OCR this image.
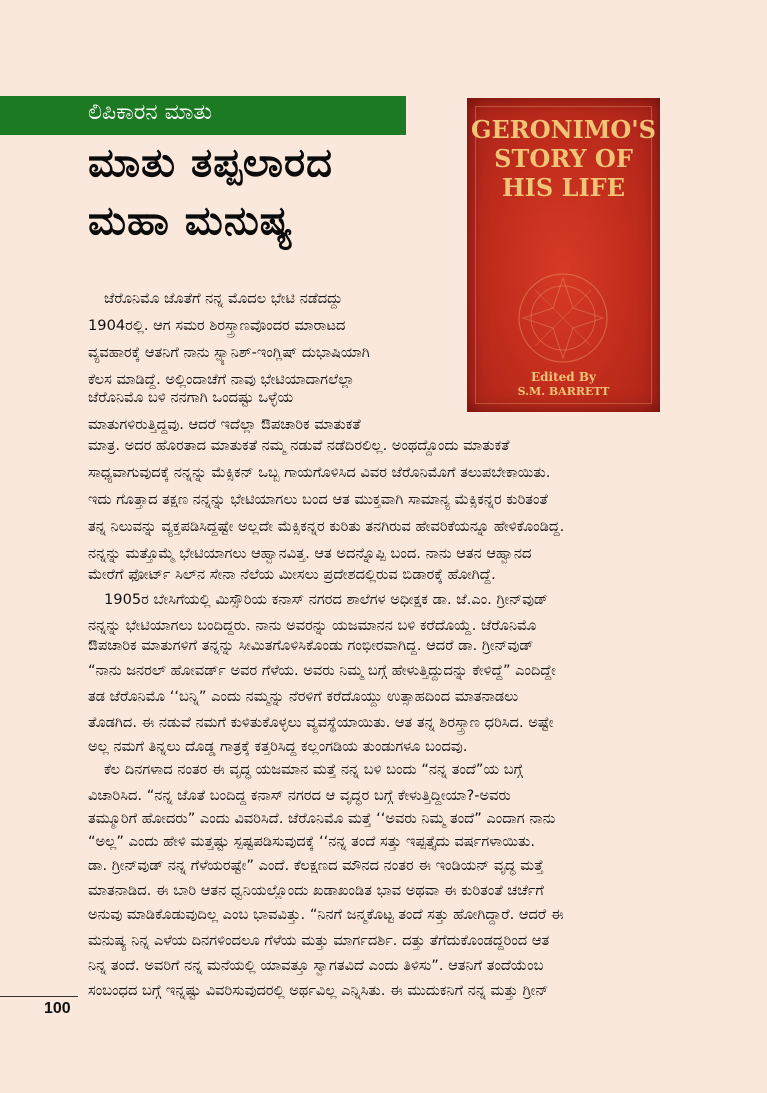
ಲಿಪಿಕಾರನ ಮಾತು
ಮಾತು ತಪ್ಪಲಾರದ
ಮಹಾ ಮನುಷ್ಯ
GERONIMO'S
STORY OF
HIS LIFE
Edited By
S.M. BARRETT
ಜೆರೊನಿಮೊ ಜೊತೆಗೆ ನನ್ನ ಮೊದಲ ಭೇಟಿ ನಡೆದದ್ದು
1904ರಲ್ಲಿ. ಆಗ ಸಮರ ಶಿರಸ್ತ್ರಾಣವೊಂದರ ಮಾರಾಟದ
ವ್ಯವಹಾರಕ್ಕೆ ಆತನಿಗೆ ನಾನು ಸ್ಪ್ಯಾನಿಶ್-ಇಂಗ್ಲಿಷ್ ದುಭಾಷಿಯಾಗಿ
ಕೆಲಸ ಮಾಡಿದ್ದೆ. ಅಲ್ಲಿಂದಾಚೆಗೆ ನಾವು ಭೇಟಿಯಾದಾಗಲೆಲ್ಲಾ
ಜೆರೊನಿಮೊ ಬಳಿ ನನಗಾಗಿ ಒಂದಷ್ಟು ಒಳ್ಳೆಯ
ಮಾತುಗಳಿರುತ್ತಿದ್ದವು. ಆದರೆ ಇದೆಲ್ಲಾ ಔಪಚಾರಿಕ ಮಾತುಕತೆ
ಮಾತ್ರ. ಅದರ ಹೊರತಾದ ಮಾತುಕತೆ ನಮ್ಮ ನಡುವೆ ನಡೆದಿರಲಿಲ್ಲ. ಅಂಥದ್ದೊಂದು ಮಾತುಕತೆ
ಸಾಧ್ಯವಾಗುವುದಕ್ಕೆ ನನ್ನನ್ನು ಮೆಕ್ಸಿಕನ್ ಒಬ್ಬ ಗಾಯಗೊಳಿಸಿದ ವಿವರ ಜೆರೊನಿಮೊಗೆ ತಲುಪಬೇಕಾಯಿತು.
ಇದು ಗೊತ್ತಾದ ತಕ್ಷಣ ನನ್ನನ್ನು ಭೇಟಿಯಾಗಲು ಬಂದ ಆತ ಮುಕ್ತವಾಗಿ ಸಾಮಾನ್ಯ ಮೆಕ್ಸಿಕನ್ನರ ಕುರಿತಂತೆ
ತನ್ನ ನಿಲುವನ್ನು ವ್ಯಕ್ತಪಡಿಸಿದ್ದಷ್ಟೇ ಅಲ್ಲದೇ ಮೆಕ್ಸಿಕನ್ನರ ಕುರಿತು ತನಗಿರುವ ಹೇವರಿಕೆಯನ್ನೂ ಹೇಳಿಕೊಂಡಿದ್ದ.
ನನ್ನನ್ನು ಮತ್ತೊಮ್ಮೆ ಭೇಟಿಯಾಗಲು ಆಹ್ವಾನವಿತ್ತ. ಆತ ಅದನ್ನೊಪ್ಪಿ ಬಂದ. ನಾನು ಆತನ ಆಹ್ವಾನದ
ಮೇರೆಗೆ ಫೋರ್ಟ್ ಸಿಲ್‌ನ ಸೇನಾ ನೆಲೆಯ ಮೀಸಲು ಪ್ರದೇಶದಲ್ಲಿರುವ ಬಿಡಾರಕ್ಕೆ ಹೋಗಿದ್ದೆ.
1905ರ ಬೇಸಿಗೆಯಲ್ಲಿ ಮಿಸ್ಸೌರಿಯ ಕನಾಸ್ ನಗರದ ಶಾಲೆಗಳ ಅಧೀಕ್ಷಕ ಡಾ. ಜೆ.ಎಂ. ಗ್ರೀನ್‌ವುಡ್
ನನ್ನನ್ನು ಭೇಟಿಯಾಗಲು ಬಂದಿದ್ದರು. ನಾನು ಅವರನ್ನು ಯಜಮಾನನ ಬಳಿ ಕರೆದೊಯ್ದೆ. ಜೆರೊನಿಮೊ
ಔಪಚಾರಿಕ ಮಾತುಗಳಿಗೆ ತನ್ನನ್ನು ಸೀಮಿತಗೊಳಿಸಿಕೊಂಡು ಗಂಭೀರವಾಗಿದ್ದ. ಆದರೆ ಡಾ. ಗ್ರೀನ್‌ವುಡ್
“ನಾನು ಜನರಲ್ ಹೋವರ್ಡ್ ಅವರ ಗೆಳೆಯ. ಅವರು ನಿಮ್ಮ ಬಗ್ಗೆ ಹೇಳುತ್ತಿದ್ದುದನ್ನು ಕೇಳಿದ್ದೆ” ಎಂದಿದ್ದೇ
ತಡ ಜೆರೊನಿಮೊ ‘‘ಬನ್ನಿ” ಎಂದು ನಮ್ಮನ್ನು ನೆರಳಿಗೆ ಕರೆದೊಯ್ದು ಉತ್ಸಾಹದಿಂದ ಮಾತನಾಡಲು
ತೊಡಗಿದ. ಈ ನಡುವೆ ನಮಗೆ ಕುಳಿತುಕೊಳ್ಳಲು ವ್ಯವಸ್ಥೆಯಾಯಿತು. ಆತ ತನ್ನ ಶಿರಸ್ತ್ರಾಣ ಧರಿಸಿದ. ಅಷ್ಟೇ
ಅಲ್ಲ ನಮಗೆ ತಿನ್ನಲು ದೊಡ್ಡ ಗಾತ್ರಕ್ಕೆ ಕತ್ತರಿಸಿದ್ದ ಕಲ್ಲಂಗಡಿಯ ತುಂಡುಗಳೂ ಬಂದವು.
ಕೆಲ ದಿನಗಳಾದ ನಂತರ ಈ ವೃದ್ಧ ಯಜಮಾನ ಮತ್ತೆ ನನ್ನ ಬಳಿ ಬಂದು “ನನ್ನ ತಂದೆ”ಯ ಬಗ್ಗೆ
ವಿಚಾರಿಸಿದ. “ನನ್ನ ಜೊತೆ ಬಂದಿದ್ದ ಕನಾಸ್ ನಗರದ ಆ ವೃದ್ಧರ ಬಗ್ಗೆ ಕೇಳುತ್ತಿದ್ದೀಯಾ?-ಅವರು
ತಮ್ಮೂರಿಗೆ ಹೋದರು” ಎಂದು ವಿವರಿಸಿದೆ. ಜೆರೊನಿಮೊ ಮತ್ತೆ ‘‘ಅವರು ನಿಮ್ಮ ತಂದೆ” ಎಂದಾಗ ನಾನು
“ಅಲ್ಲ” ಎಂದು ಹೇಳಿ ಮತ್ತಷ್ಟು ಸ್ಪಷ್ಟಪಡಿಸುವುದಕ್ಕೆ ‘‘ನನ್ನ ತಂದೆ ಸತ್ತು ಇಪ್ಪತ್ತೈದು ವರ್ಷಗಳಾಯಿತು.
ಡಾ. ಗ್ರೀನ್‌ವುಡ್ ನನ್ನ ಗೆಳೆಯರಷ್ಟೇ” ಎಂದೆ. ಕೆಲಕ್ಷಣದ ಮೌನದ ನಂತರ ಈ ಇಂಡಿಯನ್ ವೃದ್ಧ ಮತ್ತೆ
ಮಾತನಾಡಿದ. ಈ ಬಾರಿ ಆತನ ಧ್ವನಿಯಲ್ಲೊಂದು ಖಡಾಖಂಡಿತ ಭಾವ ಅಥವಾ ಈ ಕುರಿತಂತೆ ಚರ್ಚೆಗೆ
ಅನುವು ಮಾಡಿಕೊಡುವುದಿಲ್ಲ ಎಂಬ ಭಾವವಿತ್ತು. “ನಿನಗೆ ಜನ್ಮಕೊಟ್ಟ ತಂದೆ ಸತ್ತು ಹೋಗಿದ್ದಾರೆ. ಆದರೆ ಈ
ಮನುಷ್ಯ ನಿನ್ನ ಎಳೆಯ ದಿನಗಳಿಂದಲೂ ಗೆಳೆಯ ಮತ್ತು ಮಾರ್ಗದರ್ಶಿ. ದತ್ತು ತೆಗೆದುಕೊಂಡದ್ದರಿಂದ ಆತ
ನಿನ್ನ ತಂದೆ. ಅವರಿಗೆ ನನ್ನ ಮನೆಯಲ್ಲಿ ಯಾವತ್ತೂ ಸ್ವಾಗತವಿದೆ ಎಂದು ತಿಳಿಸು”. ಆತನಿಗೆ ತಂದೆಯೆಂಬ
ಸಂಬಂಧದ ಬಗ್ಗೆ ಇನ್ನಷ್ಟು ವಿವರಿಸುವುದರಲ್ಲಿ ಅರ್ಥವಿಲ್ಲ ಎನ್ನಿಸಿತು. ಈ ಮುದುಕನಿಗೆ ನನ್ನ ಮತ್ತು ಗ್ರೀನ್
100
